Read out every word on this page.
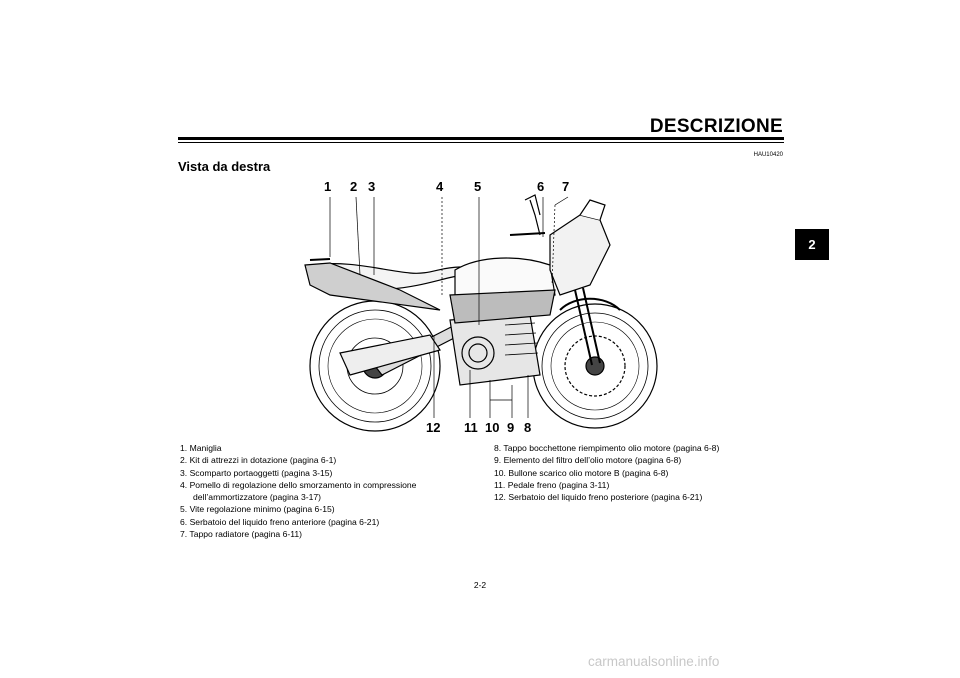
DESCRIZIONE
HAU10420
Vista da destra
2
1 2 3	4 5	6 7
12 11 10 9 8
1. Maniglia
2. Kit di attrezzi in dotazione (pagina 6-1)
3. Scomparto portaoggetti (pagina 3-15)
4. Pomello di regolazione dello smorzamento in compressione
dell’ammortizzatore (pagina 3-17)
5. Vite regolazione minimo (pagina 6-15)
6. Serbatoio del liquido freno anteriore (pagina 6-21)
7. Tappo radiatore (pagina 6-11)
8. Tappo bocchettone riempimento olio motore (pagina 6-8)
9. Elemento del filtro dell’olio motore (pagina 6-8)
10. Bullone scarico olio motore B (pagina 6-8)
11. Pedale freno (pagina 3-11)
12. Serbatoio del liquido freno posteriore (pagina 6-21)
2-2
carmanualsonline.info
